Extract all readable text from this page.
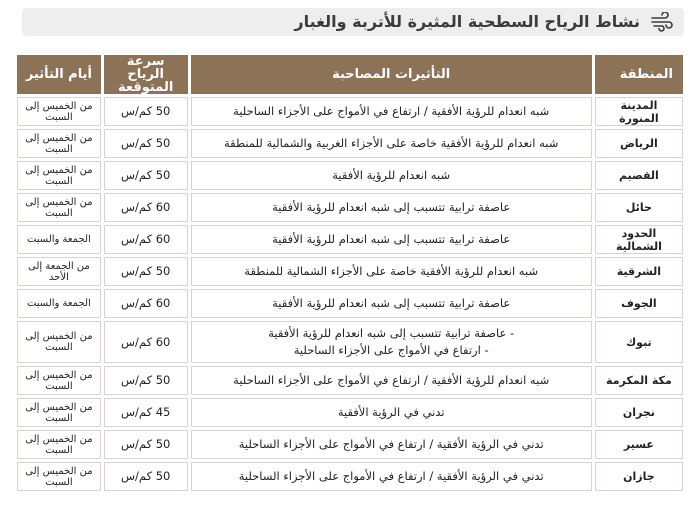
نشاط الرياح السطحية المثيرة للأتربة والغبار
المنطقة	التأثيرات المصاحبة	سرعة الرياح المتوقعة	أيام التأثير
المدينة المنورة	شبه انعدام للرؤية الأفقية / ارتفاع في الأمواج على الأجزاء الساحلية	50 كم/س	من الخميس إلى السبت
الرياض	شبه انعدام للرؤية الأفقية خاصة على الأجزاء الغربية والشمالية للمنطقة	50 كم/س	من الخميس إلى السبت
القصيم	شبه انعدام للرؤية الأفقية	50 كم/س	من الخميس إلى السبت
حائل	عاصفة ترابية تتسبب إلى شبه انعدام للرؤية الأفقية	60 كم/س	من الخميس إلى السبت
الحدود الشمالية	عاصفة ترابية تتسبب إلى شبه انعدام للرؤية الأفقية	60 كم/س	الجمعة والسبت
الشرقية	شبه انعدام للرؤية الأفقية خاصة على الأجزاء الشمالية للمنطقة	50 كم/س	من الجمعة إلى الأحد
الجوف	عاصفة ترابية تتسبب إلى شبه انعدام للرؤية الأفقية	60 كم/س	الجمعة والسبت
تبوك	- عاصفة ترابية تتسبب إلى شبه انعدام للرؤية الأفقية
- ارتفاع في الأمواج على الأجزاء الساحلية	60 كم/س	من الخميس إلى السبت
مكة المكرمة	شبه انعدام للرؤية الأفقية / ارتفاع في الأمواج على الأجزاء الساحلية	50 كم/س	من الخميس إلى السبت
نجران	تدني في الرؤية الأفقية	45 كم/س	من الخميس إلى السبت
عسير	تدني في الرؤية الأفقية / ارتفاع في الأمواج على الأجزاء الساحلية	50 كم/س	من الخميس إلى السبت
جازان	تدني في الرؤية الأفقية / ارتفاع في الأمواج على الأجزاء الساحلية	50 كم/س	من الخميس إلى السبت
